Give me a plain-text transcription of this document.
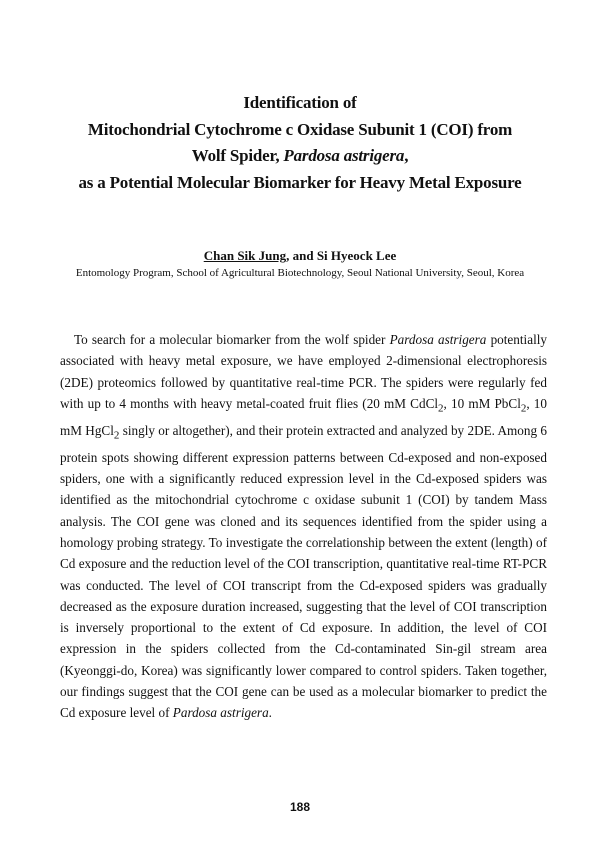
Identification of
Mitochondrial Cytochrome c Oxidase Subunit 1 (COI) from
Wolf Spider, Pardosa astrigera,
as a Potential Molecular Biomarker for Heavy Metal Exposure
Chan Sik Jung, and Si Hyeock Lee
Entomology Program, School of Agricultural Biotechnology, Seoul National University, Seoul, Korea

To search for a molecular biomarker from the wolf spider Pardosa astrigera potentially associated with heavy metal exposure, we have employed 2-dimensional electrophoresis (2DE) proteomics followed by quantitative real-time PCR. The spiders were regularly fed with up to 4 months with heavy metal-coated fruit flies (20 mM CdCl$_2$, 10 mM PbCl$_2$, 10 mM HgCl$_2$ singly or altogether), and their protein extracted and analyzed by 2DE. Among 6 protein spots showing different expression patterns between Cd-exposed and non-exposed spiders, one with a significantly reduced expression level in the Cd-exposed spiders was identified as the mitochondrial cytochrome c oxidase subunit 1 (COI) by tandem Mass analysis. The COI gene was cloned and its sequences identified from the spider using a homology probing strategy. To investigate the correlationship between the extent (length) of Cd exposure and the reduction level of the COI transcription, quantitative real-time RT-PCR was conducted. The level of COI transcript from the Cd-exposed spiders was gradually decreased as the exposure duration increased, suggesting that the level of COI transcription is inversely proportional to the extent of Cd exposure. In addition, the level of COI expression in the spiders collected from the Cd-contaminated Sin-gil stream area (Kyeonggi-do, Korea) was significantly lower compared to control spiders. Taken together, our findings suggest that the COI gene can be used as a molecular biomarker to predict the Cd exposure level of Pardosa astrigera.

188
